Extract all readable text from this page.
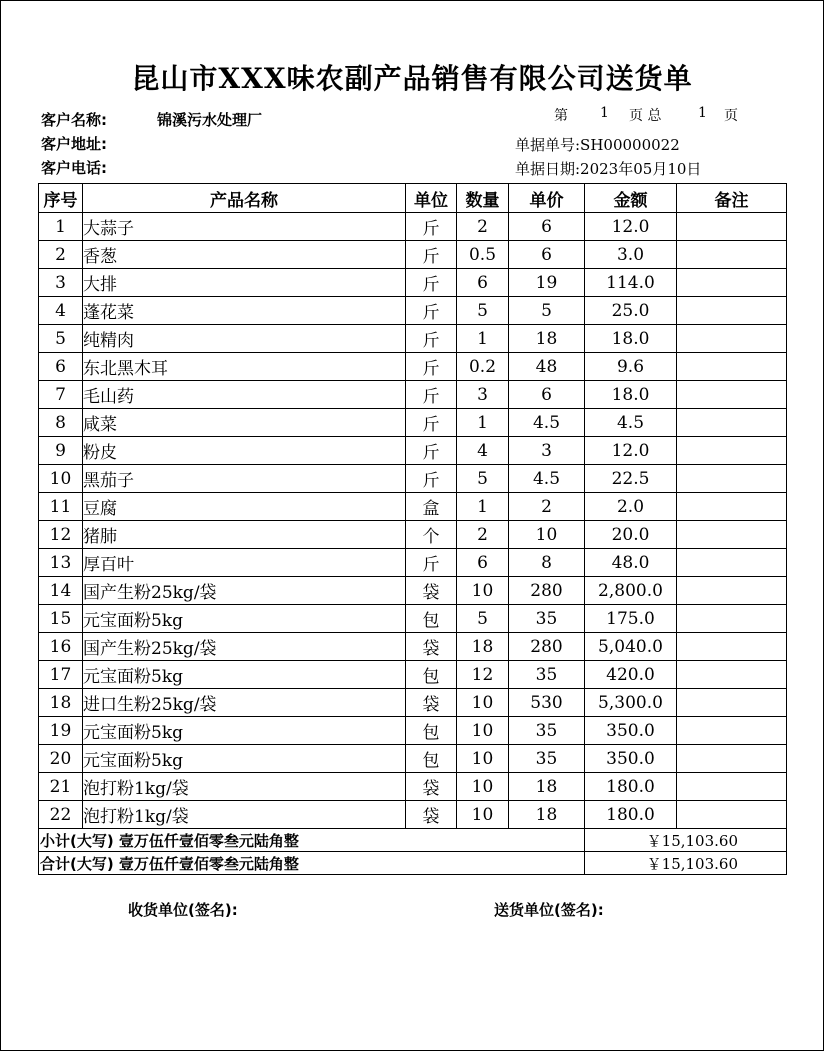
昆山市XXX味农副产品销售有限公司送货单
客户名称:	锦溪污水处理厂
客户地址:
客户电话:
第 1 页 总	1 页
单据单号:SH00000022
单据日期:2023年05月10日
序号	产品名称	单位	数量	单价	金额	备注
1	大蒜子	斤	2	6	12.0	
2	香葱	斤	0.5	6	3.0	
3	大排	斤	6	19	114.0	
4	蓬花菜	斤	5	5	25.0	
5	纯精肉	斤	1	18	18.0	
6	东北黑木耳	斤	0.2	48	9.6	
7	毛山药	斤	3	6	18.0	
8	咸菜	斤	1	4.5	4.5	
9	粉皮	斤	4	3	12.0	
10	黑茄子	斤	5	4.5	22.5	
11	豆腐	盒	1	2	2.0	
12	猪肺	个	2	10	20.0	
13	厚百叶	斤	6	8	48.0	
14	国产生粉25kg/袋	袋	10	280	2,800.0	
15	元宝面粉5kg	包	5	35	175.0	
16	国产生粉25kg/袋	袋	18	280	5,040.0	
17	元宝面粉5kg	包	12	35	420.0	
18	进口生粉25kg/袋	袋	10	530	5,300.0	
19	元宝面粉5kg	包	10	35	350.0	
20	元宝面粉5kg	包	10	35	350.0	
21	泡打粉1kg/袋	袋	10	18	180.0	
22	泡打粉1kg/袋	袋	10	18	180.0	
小计(大写) 壹万伍仟壹佰零叁元陆角整					￥15,103.60	
合计(大写) 壹万伍仟壹佰零叁元陆角整					￥15,103.60	
收货单位(签名):	送货单位(签名):
